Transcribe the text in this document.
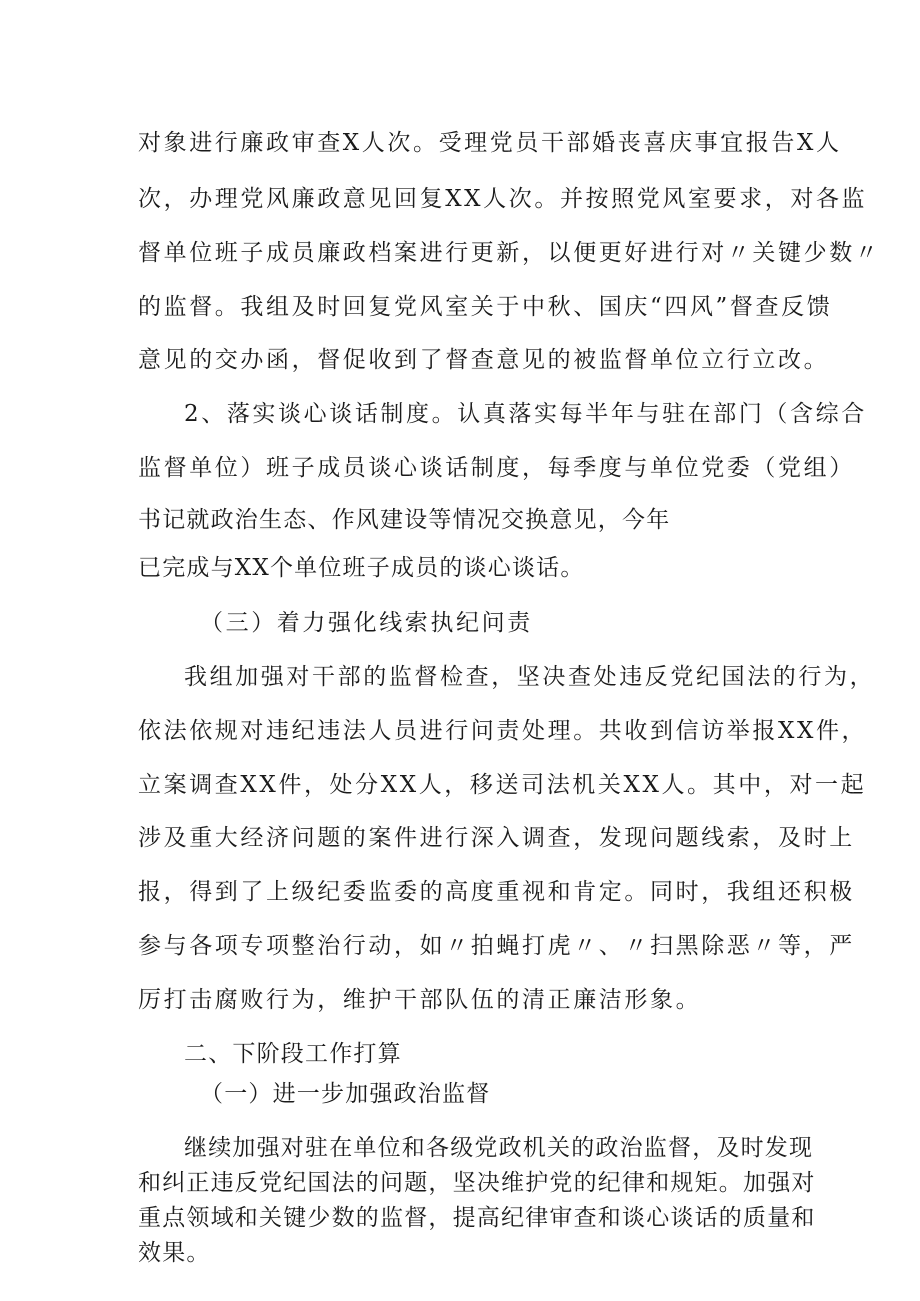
对象进行廉政审查X人次。受理党员干部婚丧喜庆事宜报告X人
次，办理党风廉政意见回复XX人次。并按照党风室要求，对各监
督单位班子成员廉政档案进行更新，以便更好进行对〃关键少数〃
的监督。我组及时回复党风室关于中秋、国庆“四风”督查反馈
意见的交办函，督促收到了督查意见的被监督单位立行立改。
2、落实谈心谈话制度。认真落实每半年与驻在部门（含综合
监督单位）班子成员谈心谈话制度，每季度与单位党委（党组）
书记就政治生态、作风建设等情况交换意见，今年
已完成与XX个单位班子成员的谈心谈话。
（三）着力强化线索执纪问责
我组加强对干部的监督检查，坚决查处违反党纪国法的行为，
依法依规对违纪违法人员进行问责处理。共收到信访举报XX件，
立案调查XX件，处分XX人，移送司法机关XX人。其中，对一起
涉及重大经济问题的案件进行深入调查，发现问题线索，及时上
报，得到了上级纪委监委的高度重视和肯定。同时，我组还积极
参与各项专项整治行动，如〃拍蝇打虎〃、〃扫黑除恶〃等，严
厉打击腐败行为，维护干部队伍的清正廉洁形象。
二、下阶段工作打算
（一）进一步加强政治监督
继续加强对驻在单位和各级党政机关的政治监督，及时发现
和纠正违反党纪国法的问题，坚决维护党的纪律和规矩。加强对
重点领域和关键少数的监督，提高纪律审查和谈心谈话的质量和
效果。
